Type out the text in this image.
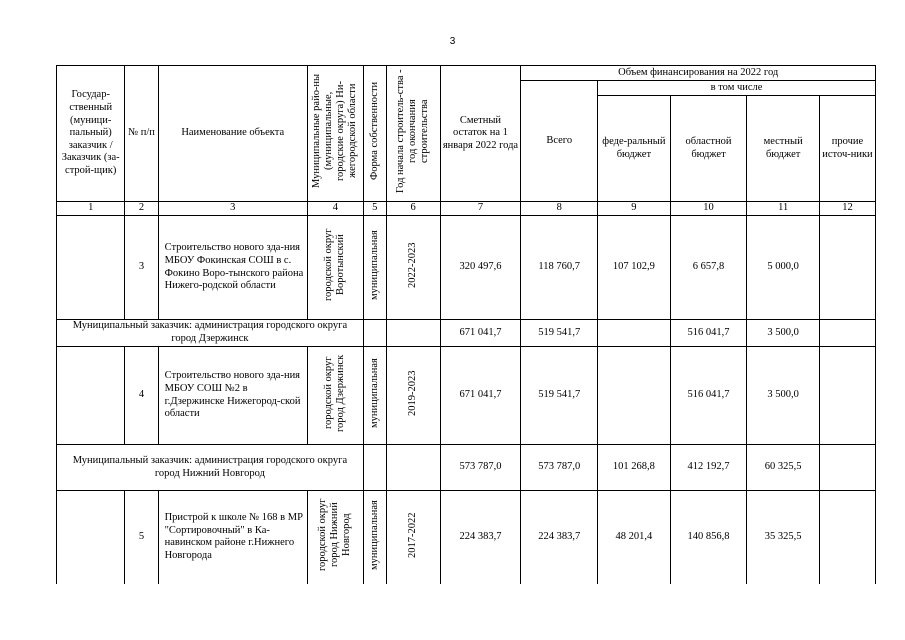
3
Государ-ственный (муници-пальный) заказчик / Заказчик (за-строй-щик)	№ п/п	Наименование объекта	Муниципальные райо-ны (муниципальные, городские округа) Ни-жегородской области	Форма собственности	Год начала строитель-ства - год окончания строительства	Сметный остаток на 1 января 2022 года	Объем финансирования на 2022 год				
							Всего	в том числе			
								феде-ральный бюджет	областной бюджет	местный бюджет	прочие источ-ники
1	2	3	4	5	6	7	8	9	10	11	12
	3	Строительство нового зда-ния МБОУ Фокинская СОШ в с. Фокино Воро-тынского района Нижего-родской области	городской округ Воротынский	муниципальная	2022-2023	320 497,6	118 760,7	107 102,9	6 657,8	5 000,0	
Муниципальный заказчик: администрация городского округа город Дзержинск						671 041,7	519 541,7		516 041,7	3 500,0	
	4	Строительство нового зда-ния МБОУ СОШ №2 в г.Дзержинске Нижегород-ской области	городской округ город Дзержинск	муниципальная	2019-2023	671 041,7	519 541,7		516 041,7	3 500,0	
Муниципальный заказчик: администрация городского округа город Нижний Новгород						573 787,0	573 787,0	101 268,8	412 192,7	60 325,5	
	5	Пристрой к школе № 168 в МР "Сортировочный" в Ка-навинском районе г.Нижнего Новгорода	городской округ город Нижний Новгород	муниципальная	2017-2022	224 383,7	224 383,7	48 201,4	140 856,8	35 325,5	
